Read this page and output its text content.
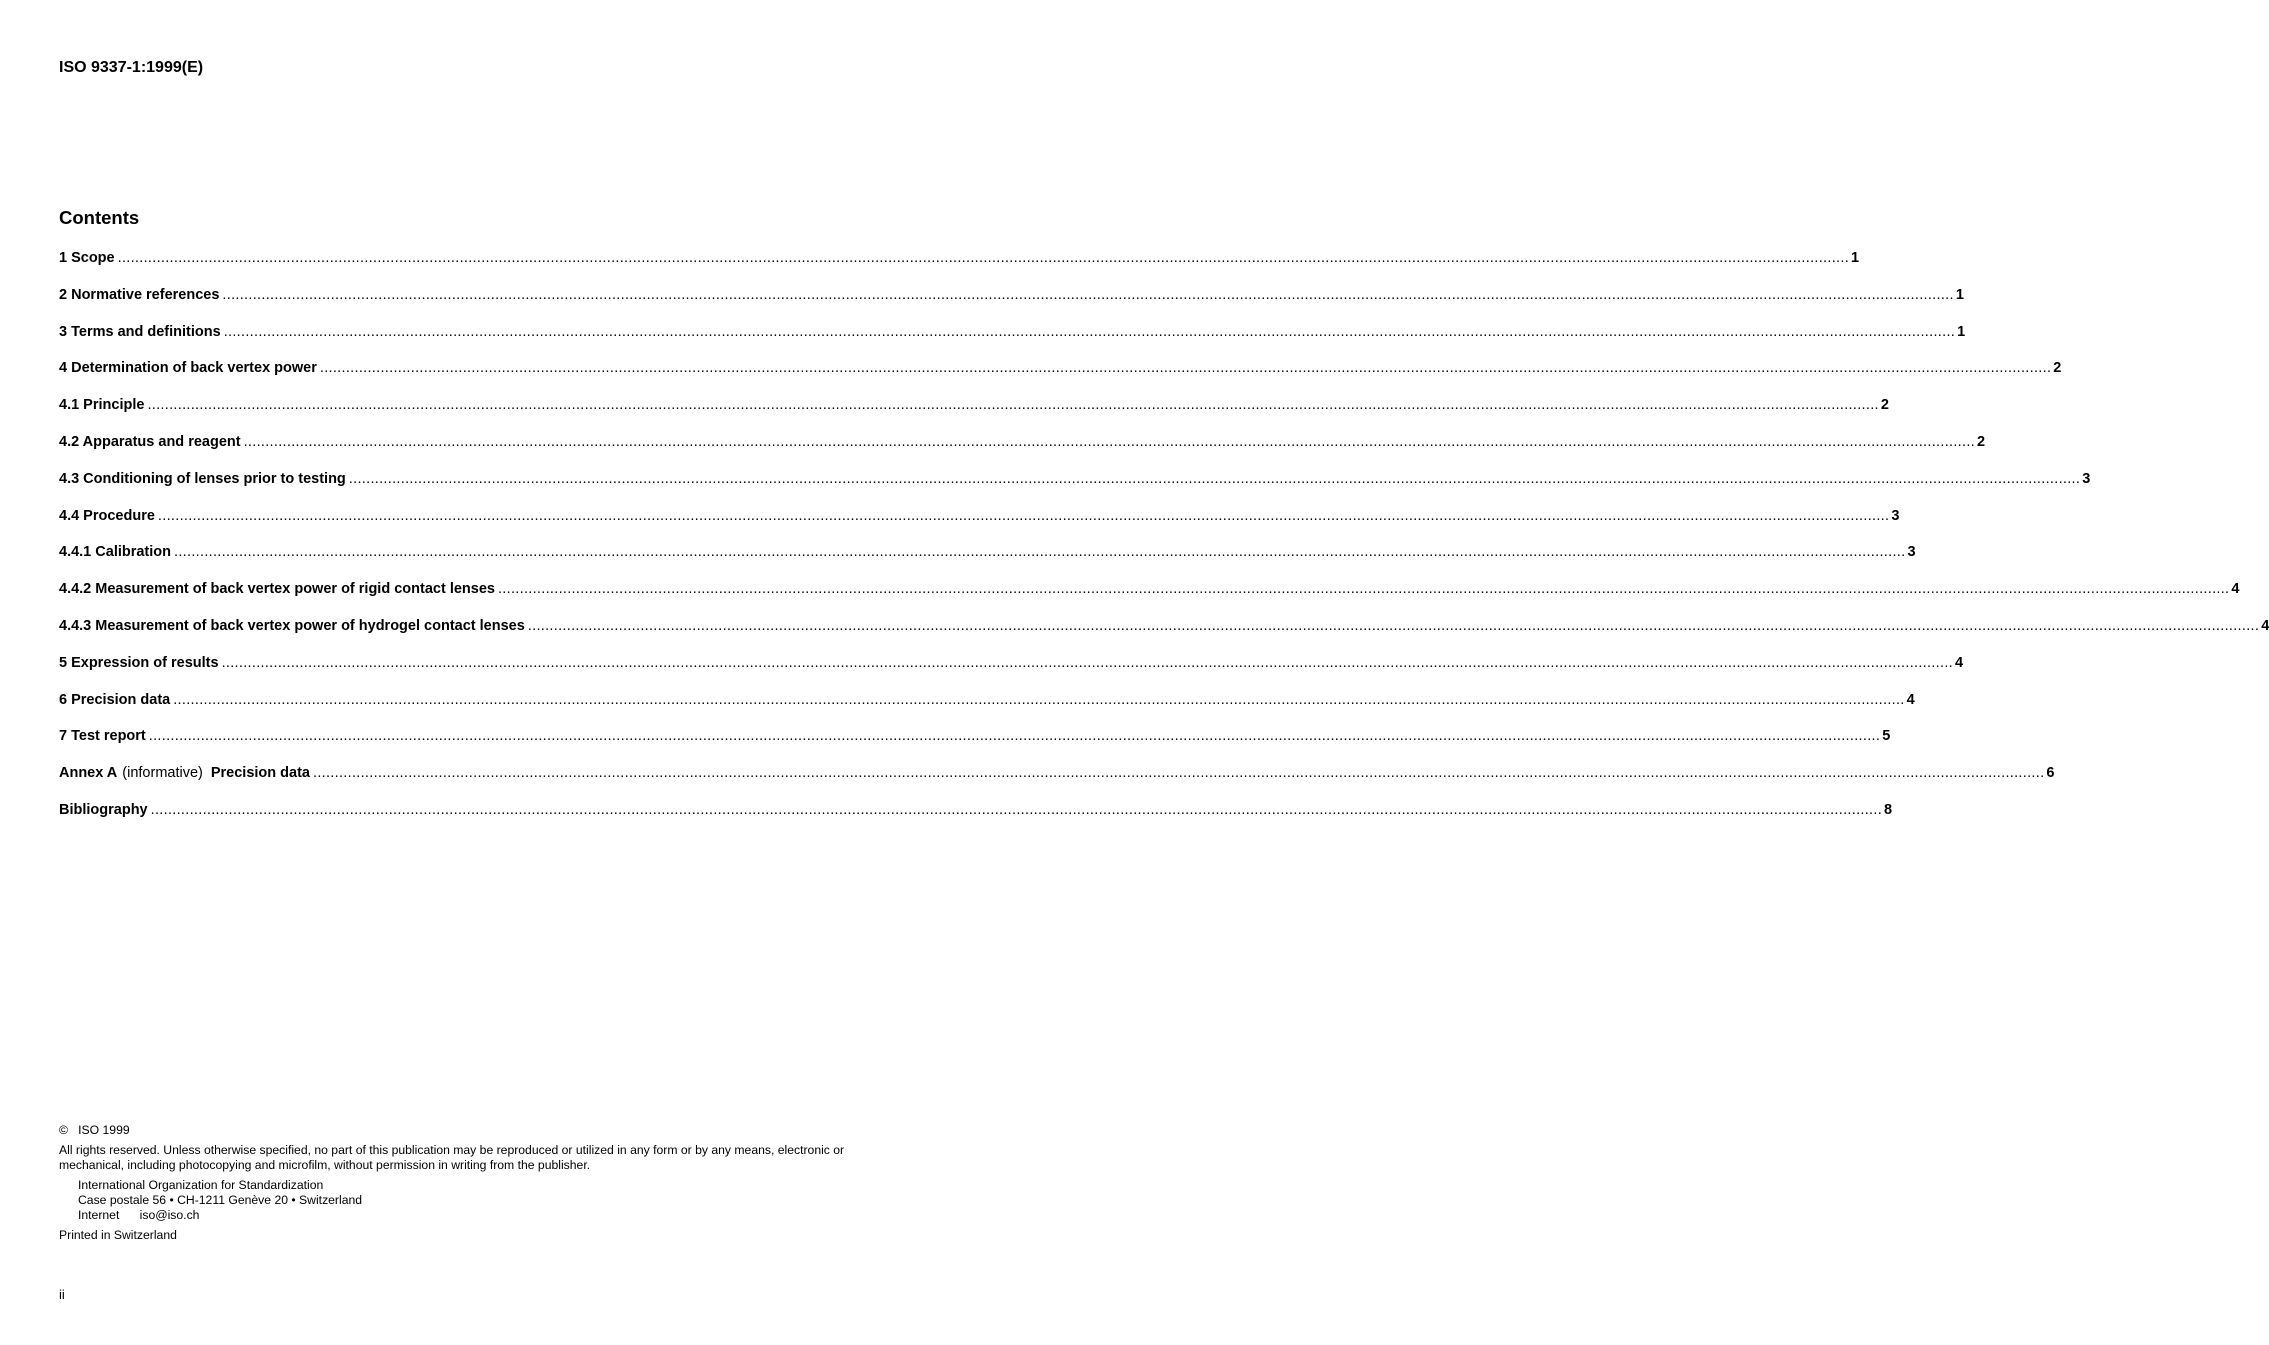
ISO 9337-1:1999(E)
Contents
1 Scope ................................................................................................................................................................................................................................................................................................................................................................................................................ 1
2 Normative references ................................................................................................................................................................................................................................................................................................................................................................................................................ 1
3 Terms and definitions ................................................................................................................................................................................................................................................................................................................................................................................................................ 1
4 Determination of back vertex power ................................................................................................................................................................................................................................................................................................................................................................................................................ 2
4.1 Principle ................................................................................................................................................................................................................................................................................................................................................................................................................ 2
4.2 Apparatus and reagent ................................................................................................................................................................................................................................................................................................................................................................................................................ 2
4.3 Conditioning of lenses prior to testing ................................................................................................................................................................................................................................................................................................................................................................................................................ 3
4.4 Procedure ................................................................................................................................................................................................................................................................................................................................................................................................................ 3
4.4.1 Calibration ................................................................................................................................................................................................................................................................................................................................................................................................................ 3
4.4.2 Measurement of back vertex power of rigid contact lenses ................................................................................................................................................................................................................................................................................................................................................................................................................ 4
4.4.3 Measurement of back vertex power of hydrogel contact lenses ................................................................................................................................................................................................................................................................................................................................................................................................................ 4
5 Expression of results ................................................................................................................................................................................................................................................................................................................................................................................................................ 4
6 Precision data ................................................................................................................................................................................................................................................................................................................................................................................................................ 4
7 Test report ................................................................................................................................................................................................................................................................................................................................................................................................................ 5
Annex A (informative) Precision data ................................................................................................................................................................................................................................................................................................................................................................................................................ 6
Bibliography ................................................................................................................................................................................................................................................................................................................................................................................................................ 8

©   ISO 1999

All rights reserved. Unless otherwise specified, no part of this publication may be reproduced or utilized in any form or by any means, electronic or mechanical, including photocopying and microfilm, without permission in writing from the publisher.

International Organization for Standardization
Case postale 56 • CH-1211 Genève 20 • Switzerland
Internet      iso@iso.ch

Printed in Switzerland

ii
